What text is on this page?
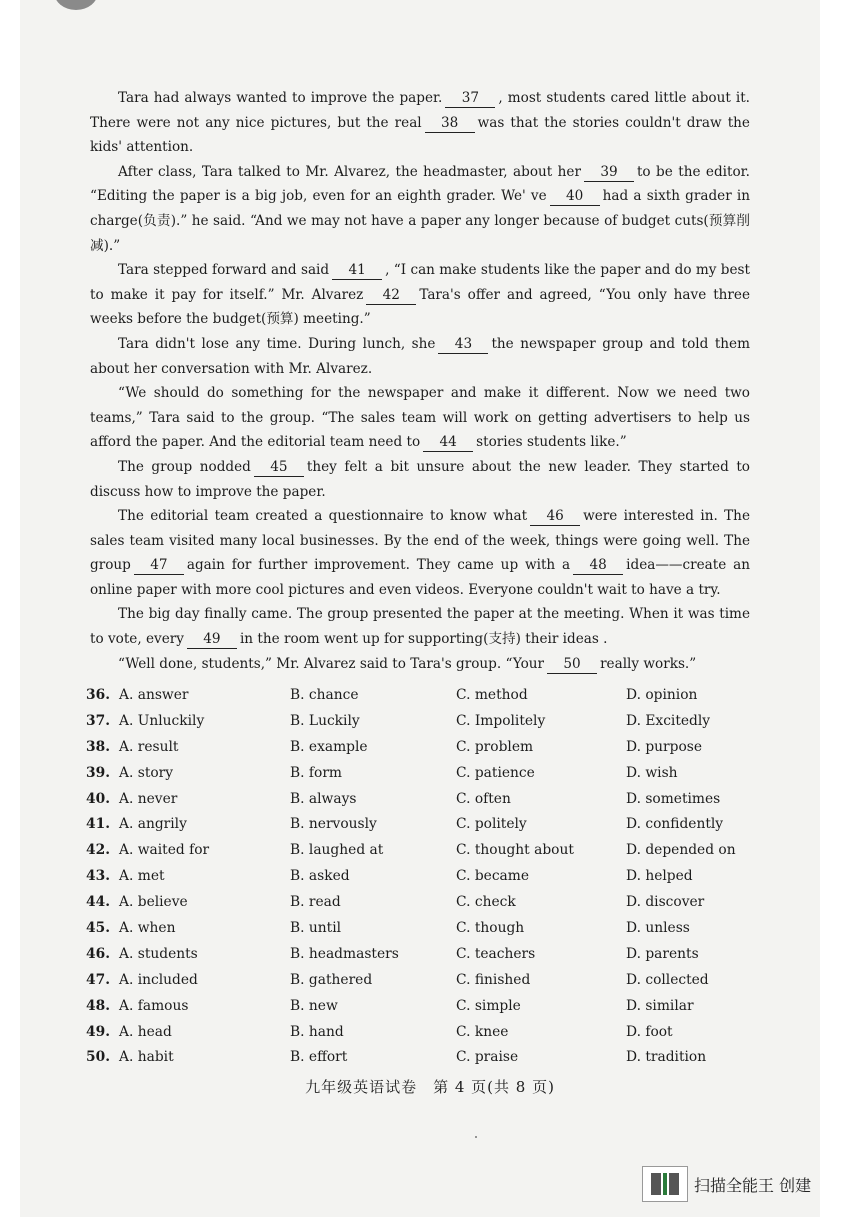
Tara had always wanted to improve the paper. 37 , most students cared little about it. There were not any nice pictures, but the real 38 was that the stories couldn't draw the kids' attention.

After class, Tara talked to Mr. Alvarez, the headmaster, about her 39 to be the editor. “Editing the paper is a big job, even for an eighth grader. We' ve 40 had a sixth grader in charge(负责).” he said. “And we may not have a paper any longer because of budget cuts(预算削减).”

Tara stepped forward and said 41 , “I can make students like the paper and do my best to make it pay for itself.” Mr. Alvarez 42 Tara's offer and agreed, “You only have three weeks before the budget(预算) meeting.”

Tara didn't lose any time. During lunch, she 43 the newspaper group and told them about her conversation with Mr. Alvarez.

“We should do something for the newspaper and make it different. Now we need two teams,” Tara said to the group. “The sales team will work on getting advertisers to help us afford the paper. And the editorial team need to 44 stories students like.”

The group nodded 45 they felt a bit unsure about the new leader. They started to discuss how to improve the paper.

The editorial team created a questionnaire to know what 46 were interested in. The sales team visited many local businesses. By the end of the week, things were going well. The group 47 again for further improvement. They came up with a 48 idea——create an online paper with more cool pictures and even videos. Everyone couldn't wait to have a try.

The big day finally came. The group presented the paper at the meeting. When it was time to vote, every 49 in the room went up for supporting(支持) their ideas .

“Well done, students,” Mr. Alvarez said to Tara's group. “Your 50 really works.”

36. A. answer	B. chance	C. method	D. opinion
37. A. Unluckily	B. Luckily	C. Impolitely	D. Excitedly
38. A. result	B. example	C. problem	D. purpose
39. A. story	B. form	C. patience	D. wish
40. A. never	B. always	C. often	D. sometimes
41. A. angrily	B. nervously	C. politely	D. confidently
42. A. waited for	B. laughed at	C. thought about	D. depended on
43. A. met	B. asked	C. became	D. helped
44. A. believe	B. read	C. check	D. discover
45. A. when	B. until	C. though	D. unless
46. A. students	B. headmasters	C. teachers	D. parents
47. A. included	B. gathered	C. finished	D. collected
48. A. famous	B. new	C. simple	D. similar
49. A. head	B. hand	C. knee	D. foot
50. A. habit	B. effort	C. praise	D. tradition
九年级英语试卷　第 4 页(共 8 页)
扫描全能王 创建
